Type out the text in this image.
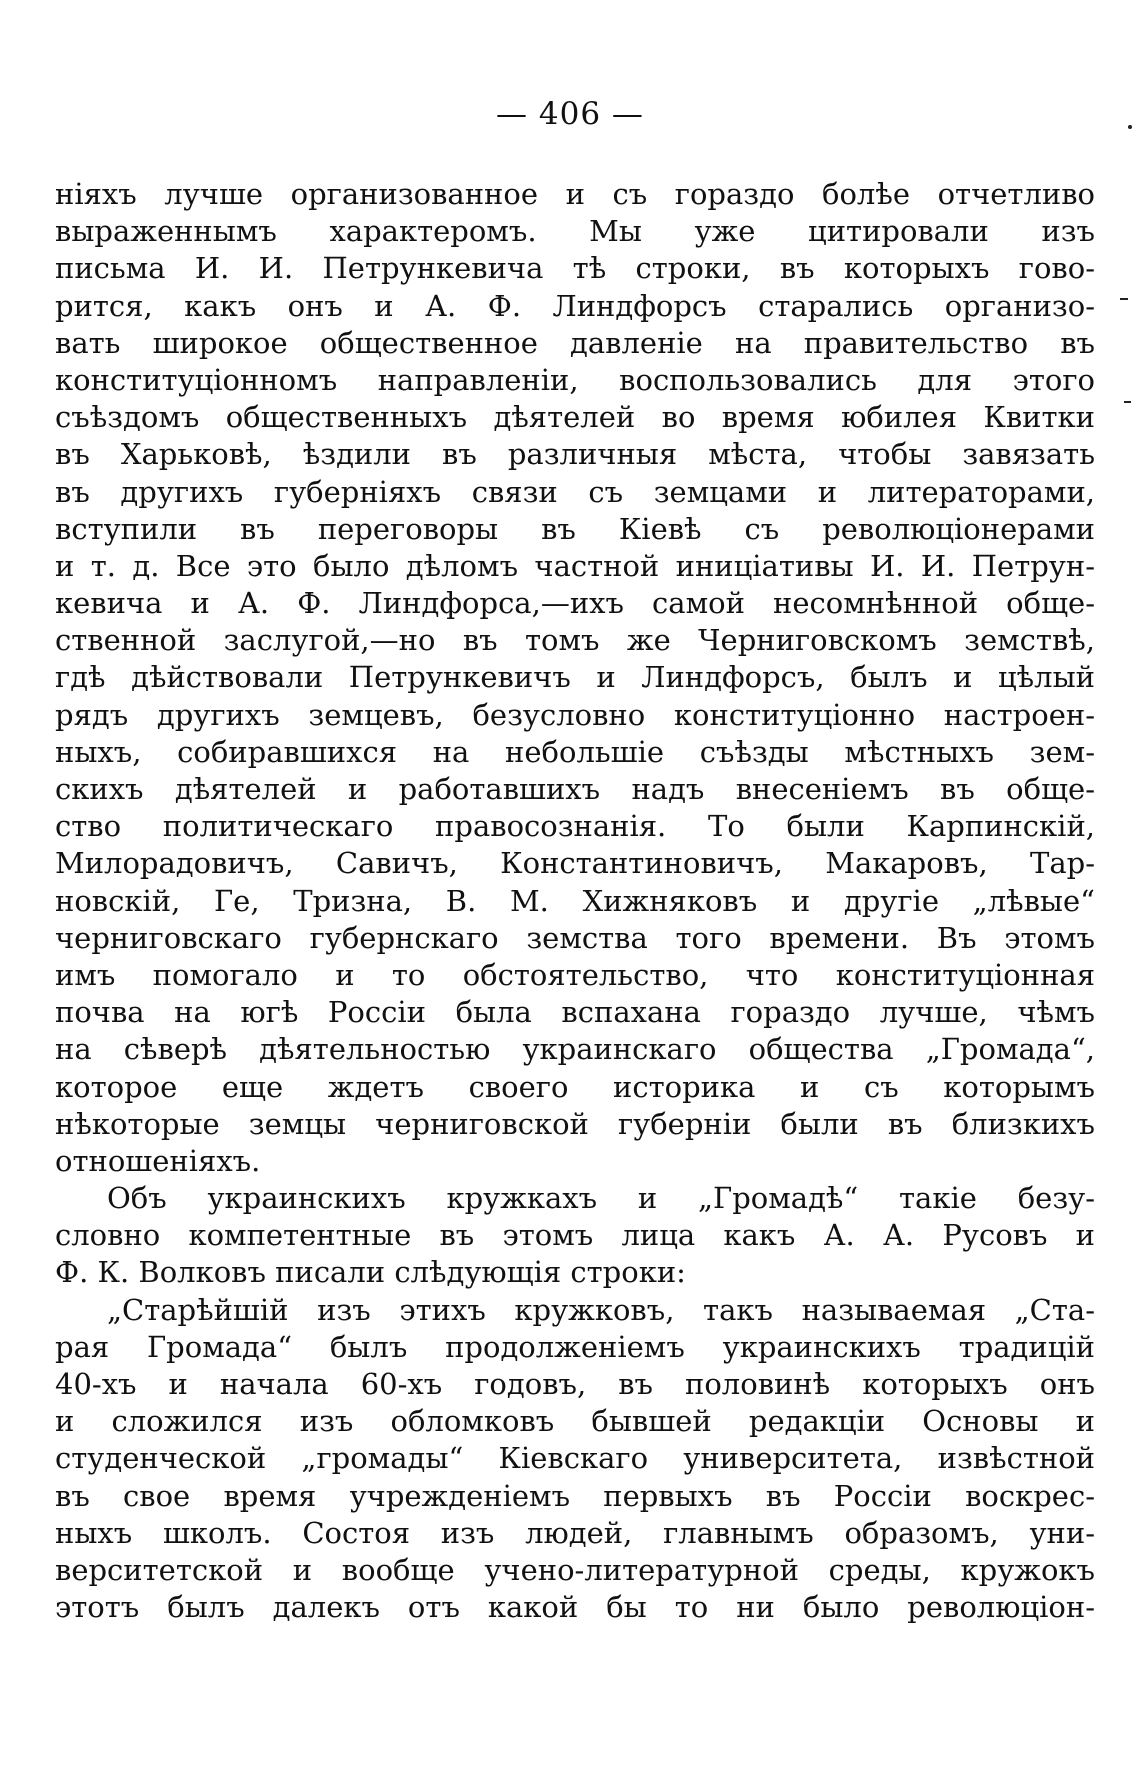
— 406 —
ніяхъ лучше организованное и съ гораздо болѣе отчетливо
выраженнымъ характеромъ. Мы уже цитировали изъ
письма И. И. Петрункевича тѣ строки, въ которыхъ гово-
рится, какъ онъ и А. Ф. Линдфорсъ старались организо-
вать широкое общественное давленіе на правительство въ
конституціонномъ направленіи, воспользовались для этого
съѣздомъ общественныхъ дѣятелей во время юбилея Квитки
въ Харьковѣ, ѣздили въ различныя мѣста, чтобы завязать
въ другихъ губерніяхъ связи съ земцами и литераторами,
вступили въ переговоры въ Кіевѣ съ революціонерами
и т. д. Все это было дѣломъ частной иниціативы И. И. Петрун-
кевича и А. Ф. Линдфорса,—ихъ самой несомнѣнной обще-
ственной заслугой,—но въ томъ же Черниговскомъ земствѣ,
гдѣ дѣйствовали Петрункевичъ и Линдфорсъ, былъ и цѣлый
рядъ другихъ земцевъ, безусловно конституціонно настроен-
ныхъ, собиравшихся на небольшіе съѣзды мѣстныхъ зем-
скихъ дѣятелей и работавшихъ надъ внесеніемъ въ обще-
ство политическаго правосознанія. То были Карпинскій,
Милорадовичъ, Савичъ, Константиновичъ, Макаровъ, Тар-
новскій, Ге, Тризна, В. М. Хижняковъ и другіе „лѣвые“
черниговскаго губернскаго земства того времени. Въ этомъ
имъ помогало и то обстоятельство, что конституціонная
почва на югѣ Россіи была вспахана гораздо лучше, чѣмъ
на сѣверѣ дѣятельностью украинскаго общества „Громада“,
которое еще ждетъ своего историка и съ которымъ
нѣкоторые земцы черниговской губерніи были въ близкихъ
отношеніяхъ.
Объ украинскихъ кружкахъ и „Громадѣ“ такіе безу-
словно компетентные въ этомъ лица какъ А. А. Русовъ и
Ф. К. Волковъ писали слѣдующія строки:
„Старѣйшій изъ этихъ кружковъ, такъ называемая „Ста-
рая Громада“ былъ продолженіемъ украинскихъ традицій
40-хъ и начала 60-хъ годовъ, въ половинѣ которыхъ онъ
и сложился изъ обломковъ бывшей редакціи Основы и
студенческой „громады“ Кіевскаго университета, извѣстной
въ свое время учрежденіемъ первыхъ въ Россіи воскрес-
ныхъ школъ. Состоя изъ людей, главнымъ образомъ, уни-
верситетской и вообще учено-литературной среды, кружокъ
этотъ былъ далекъ отъ какой бы то ни было революціон-
